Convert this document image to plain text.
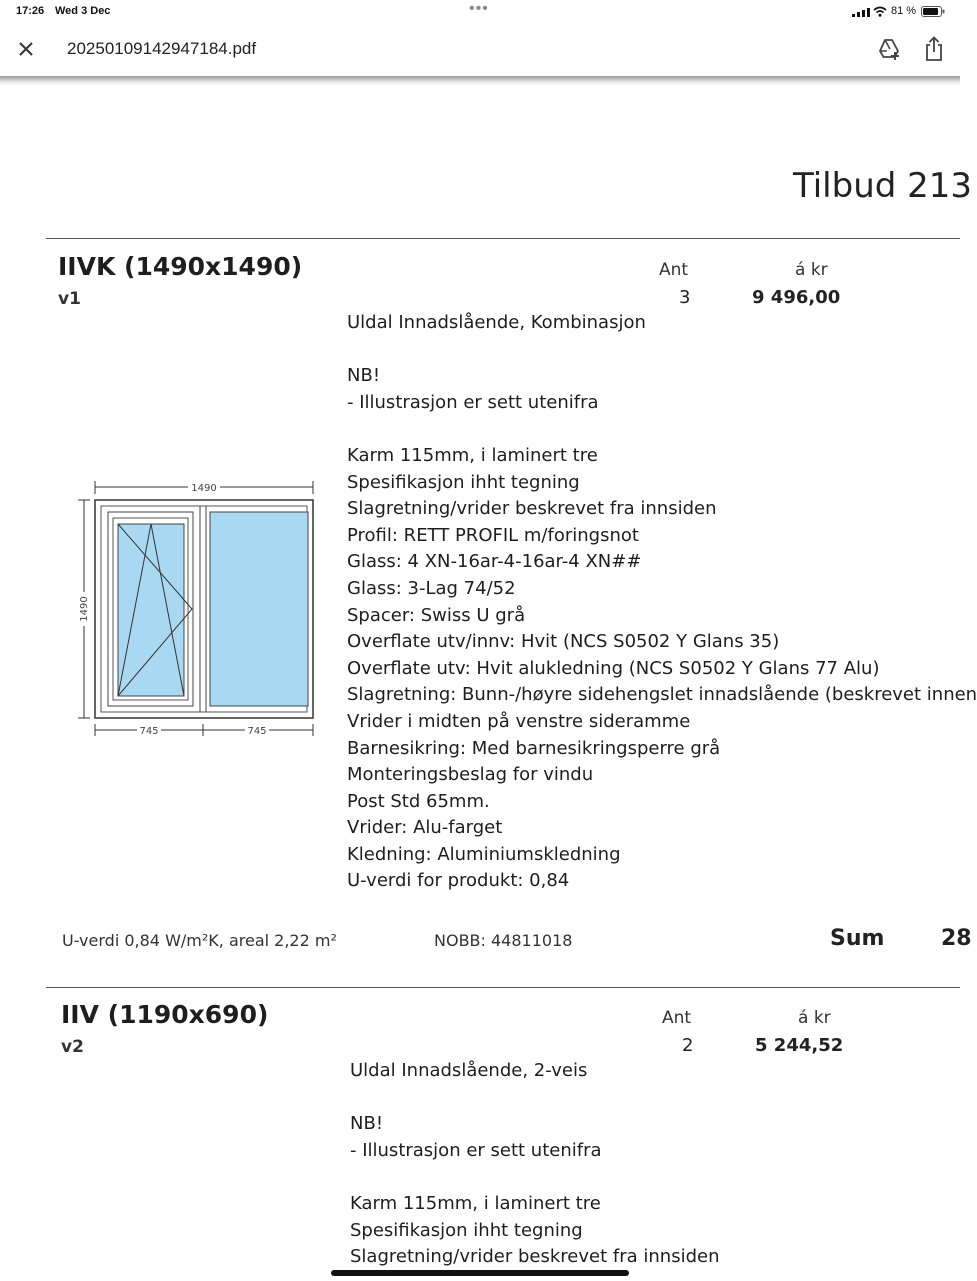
17:26 Wed 3 Dec	•••	81 %
20250109142947184.pdf
Tilbud 213
IIVK (1490x1490)
v1
Ant	á kr
3	9 496,00
Uldal Innadslående, Kombinasjon

NB!
- Illustrasjon er sett utenifra

Karm 115mm, i laminert tre
Spesifikasjon ihht tegning
Slagretning/vrider beskrevet fra innsiden
Profil: RETT PROFIL m/foringsnot
Glass: 4 XN-16ar-4-16ar-4 XN##
Glass: 3-Lag 74/52
Spacer: Swiss U grå
Overflate utv/innv: Hvit (NCS S0502 Y Glans 35)
Overflate utv: Hvit alukledning (NCS S0502 Y Glans 77 Alu)
Slagretning: Bunn-/høyre sidehengslet innadslående (beskrevet innen
Vrider i midten på venstre sideramme
Barnesikring: Med barnesikringsperre grå
Monteringsbeslag for vindu
Post Std 65mm.
Vrider: Alu-farget
Kledning: Aluminiumskledning
U-verdi for produkt: 0,84
1490
1490
745	745
U-verdi 0,84 W/m²K, areal 2,22 m²	NOBB: 44811018	Sum	28
IIV (1190x690)
v2
Ant	á kr
2	5 244,52
Uldal Innadslående, 2-veis

NB!
- Illustrasjon er sett utenifra

Karm 115mm, i laminert tre
Spesifikasjon ihht tegning
Slagretning/vrider beskrevet fra innsiden
